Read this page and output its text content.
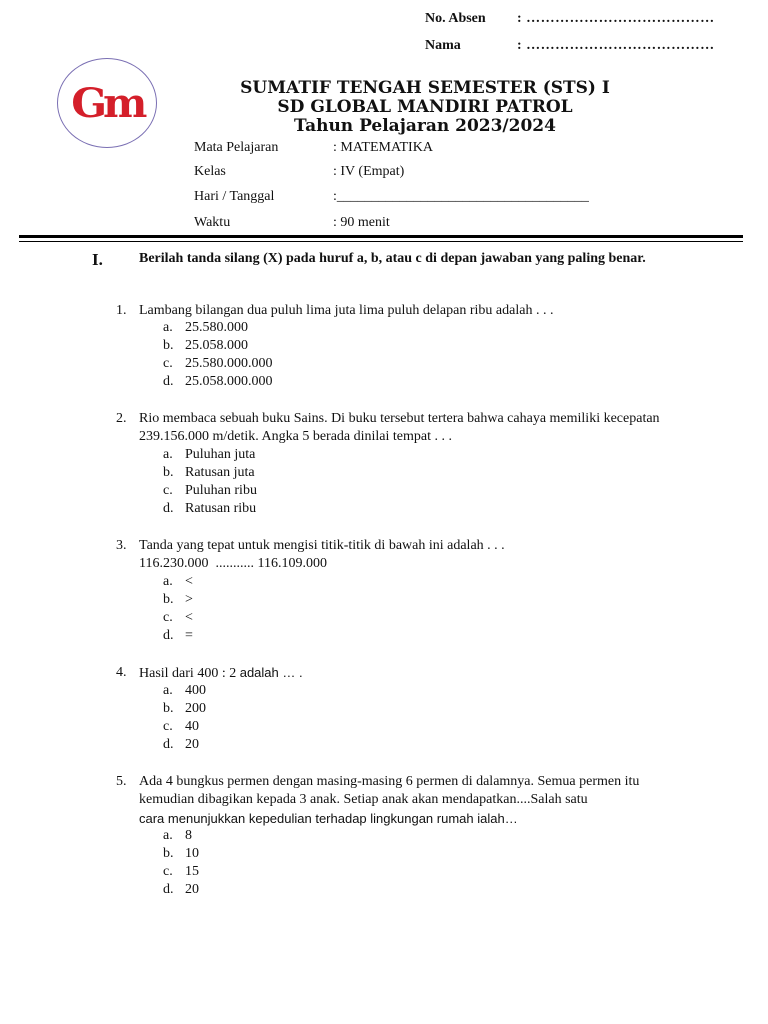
No. Absen : …………………………………
Nama	: …………………………………
Gm	SUMATIF TENGAH SEMESTER (STS) I
SD GLOBAL MANDIRI PATROL
Tahun Pelajaran 2023/2024
Mata Pelajaran	: MATEMATIKA
Kelas	: IV (Empat)
Hari / Tanggal	:____________________________________
Waktu	: 90 menit
I.	Berilah tanda silang (X) pada huruf a, b, atau c di depan jawaban yang paling benar.
1. Lambang bilangan dua puluh lima juta lima puluh delapan ribu adalah . . .
a. 25.580.000
b. 25.058.000
c. 25.580.000.000
d. 25.058.000.000
2. Rio membaca sebuah buku Sains. Di buku tersebut tertera bahwa cahaya memiliki kecepatan 239.156.000 m/detik. Angka 5 berada dinilai tempat . . .
a. Puluhan juta
b. Ratusan juta
c. Puluhan ribu
d. Ratusan ribu
3. Tanda yang tepat untuk mengisi titik-titik di bawah ini adalah . . .
116.230.000  ........... 116.109.000
a. <
b. >
c. <
d. =
4. Hasil dari 400 : 2 adalah … .
a. 400
b. 200
c. 40
d. 20
5. Ada 4 bungkus permen dengan masing-masing 6 permen di dalamnya. Semua permen itu kemudian dibagikan kepada 3 anak. Setiap anak akan mendapatkan....Salah satu
cara menunjukkan kepedulian terhadap lingkungan rumah ialah…
a. 8
b. 10
c. 15
d. 20
